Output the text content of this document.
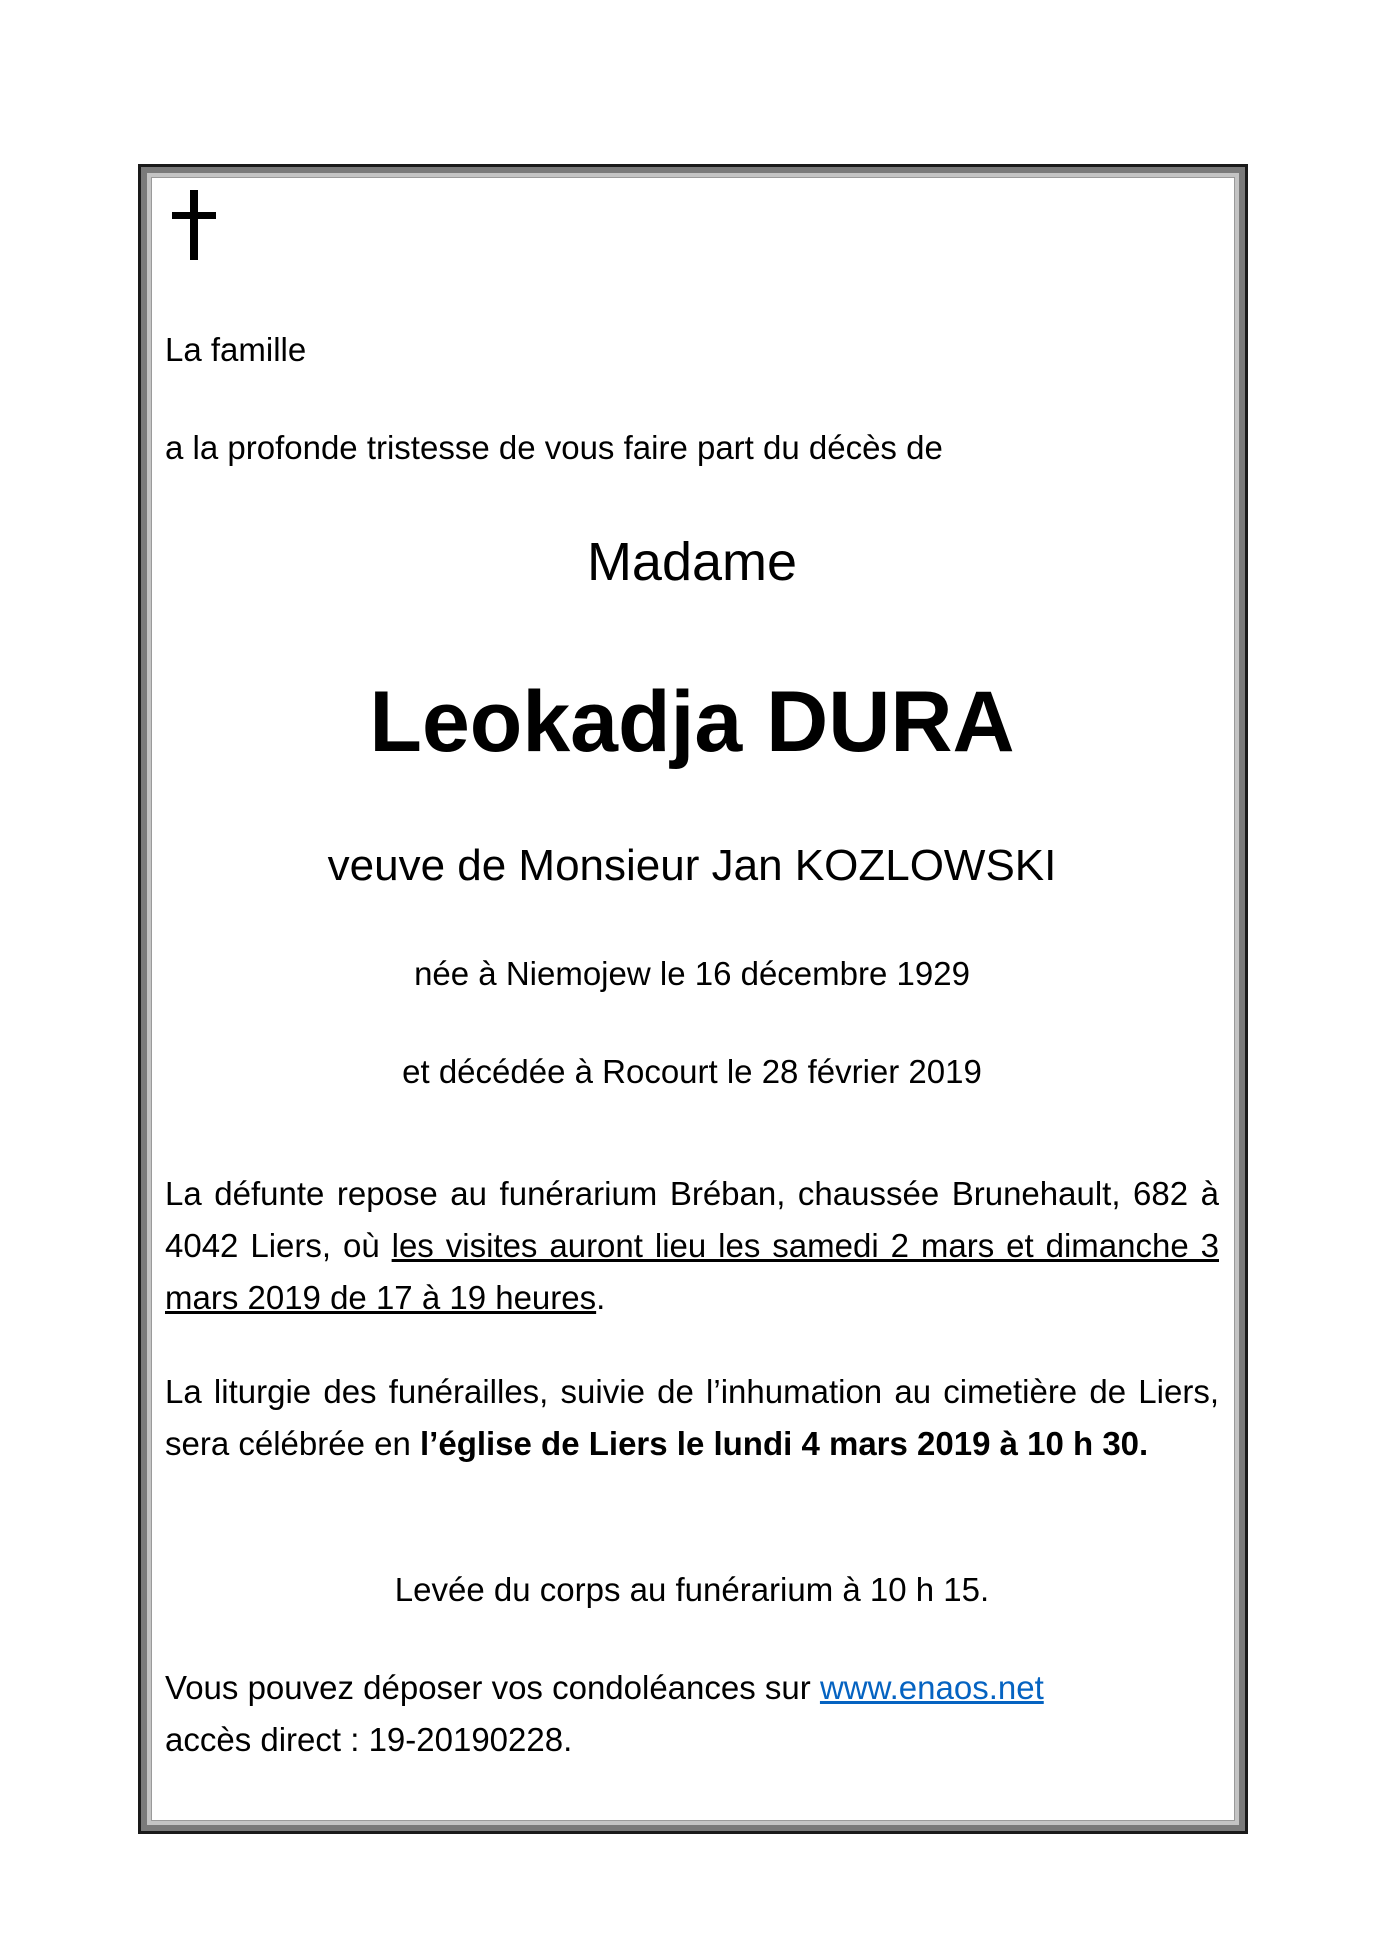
La famille
a la profonde tristesse de vous faire part du décès de
Madame
Leokadja DURA
veuve de Monsieur Jan KOZLOWSKI
née à Niemojew le 16 décembre 1929
et décédée à Rocourt le 28 février 2019
La défunte repose au funérarium Bréban, chaussée Brunehault, 682 à 4042 Liers, où les visites auront lieu les samedi 2 mars et dimanche 3 mars 2019 de 17 à 19 heures.
La liturgie des funérailles, suivie de l’inhumation au cimetière de Liers, sera célébrée en l’église de Liers le lundi 4 mars 2019 à 10 h 30.
Levée du corps au funérarium à 10 h 15.
Vous pouvez déposer vos condoléances sur www.enaos.net
accès direct : 19-20190228.
